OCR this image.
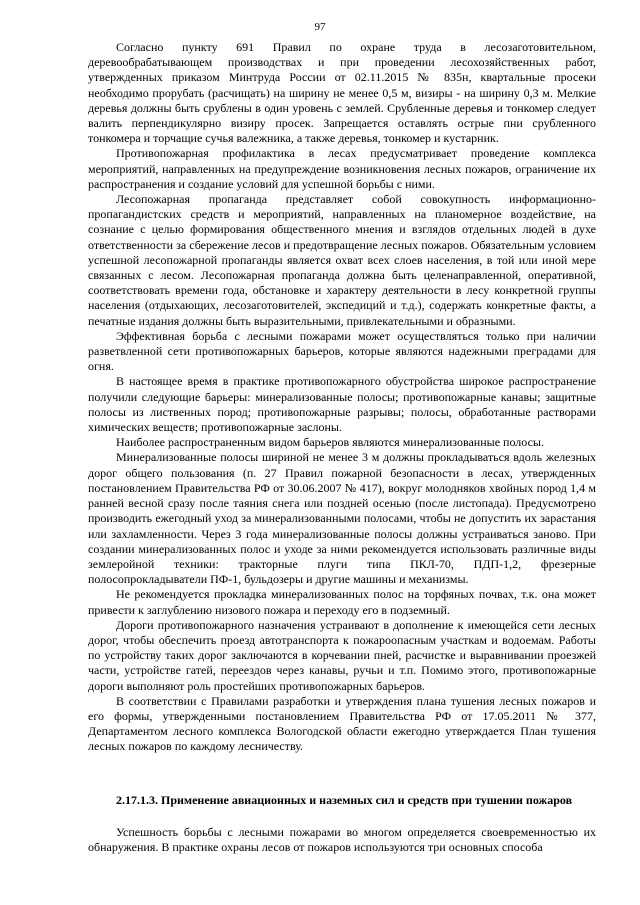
97

Согласно пункту 691 Правил по охране труда в лесозаготовительном, деревообрабатывающем производствах и при проведении лесохозяйственных работ, утвержденных приказом Минтруда России от 02.11.2015 № 835н, квартальные просеки необходимо прорубать (расчищать) на ширину не менее 0,5 м, визиры - на ширину 0,3 м. Мелкие деревья должны быть срублены в один уровень с землей. Срубленные деревья и тонкомер следует валить перпендикулярно визиру просек. Запрещается оставлять острые пни срубленного тонкомера и торчащие сучья валежника, а также деревья, тонкомер и кустарник.

Противопожарная профилактика в лесах предусматривает проведение комплекса мероприятий, направленных на предупреждение возникновения лесных пожаров, ограничение их распространения и создание условий для успешной борьбы с ними.

Лесопожарная пропаганда представляет собой совокупность информационно-пропагандистских средств и мероприятий, направленных на планомерное воздействие, на сознание с целью формирования общественного мнения и взглядов отдельных людей в духе ответственности за сбережение лесов и предотвращение лесных пожаров. Обязательным условием успешной лесопожарной пропаганды является охват всех слоев населения, в той или иной мере связанных с лесом. Лесопожарная пропаганда должна быть целенаправленной, оперативной, соответствовать времени года, обстановке и характеру деятельности в лесу конкретной группы населения (отдыхающих, лесозаготовителей, экспедиций и т.д.), содержать конкретные факты, а печатные издания должны быть выразительными, привлекательными и образными.

Эффективная борьба с лесными пожарами может осуществляться только при наличии разветвленной сети противопожарных барьеров, которые являются надежными преградами для огня.

В настоящее время в практике противопожарного обустройства широкое распространение получили следующие барьеры: минерализованные полосы; противопожарные канавы; защитные полосы из лиственных пород; противопожарные разрывы; полосы, обработанные растворами химических веществ; противопожарные заслоны.

Наиболее распространенным видом барьеров являются минерализованные полосы.

Минерализованные полосы шириной не менее 3 м должны прокладываться вдоль железных дорог общего пользования (п. 27 Правил пожарной безопасности в лесах, утвержденных постановлением Правительства РФ от 30.06.2007 № 417), вокруг молодняков хвойных пород 1,4 м ранней весной сразу после таяния снега или поздней осенью (после листопада). Предусмотрено производить ежегодный уход за минерализованными полосами, чтобы не допустить их зарастания или захламленности. Через 3 года минерализованные полосы должны устраиваться заново. При создании минерализованных полос и уходе за ними рекомендуется использовать различные виды землеройной техники: тракторные плуги типа ПКЛ-70, ПДП-1,2, фрезерные полосопрокладыватели ПФ-1, бульдозеры и другие машины и механизмы.

Не рекомендуется прокладка минерализованных полос на торфяных почвах, т.к. она может привести к заглублению низового пожара и переходу его в подземный.

Дороги противопожарного назначения устраивают в дополнение к имеющейся сети лесных дорог, чтобы обеспечить проезд автотранспорта к пожароопасным участкам и водоемам. Работы по устройству таких дорог заключаются в корчевании пней, расчистке и выравнивании проезжей части, устройстве гатей, переездов через канавы, ручьи и т.п. Помимо этого, противопожарные дороги выполняют роль простейших противопожарных барьеров.

В соответствии с Правилами разработки и утверждения плана тушения лесных пожаров и его формы, утвержденными постановлением Правительства РФ от 17.05.2011 № 377, Департаментом лесного комплекса Вологодской области ежегодно утверждается План тушения лесных пожаров по каждому лесничеству.

2.17.1.3. Применение авиационных и наземных сил и средств при тушении пожаров

Успешность борьбы с лесными пожарами во многом определяется своевременностью их обнаружения. В практике охраны лесов от пожаров используются три основных способа
